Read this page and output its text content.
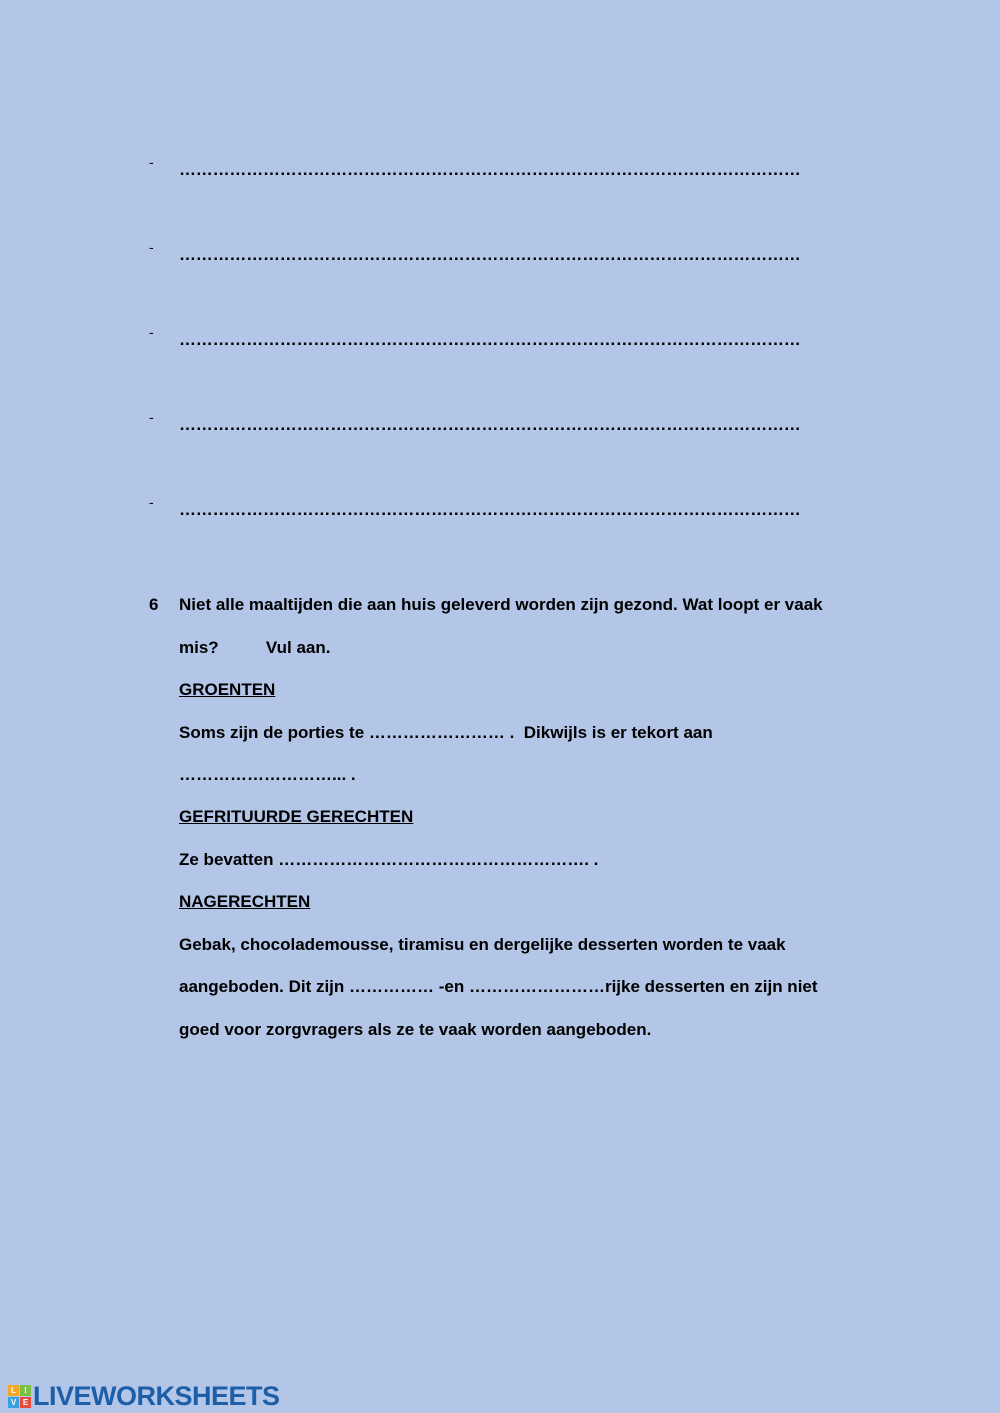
- …………………………………………………………………………………………………
- …………………………………………………………………………………………………
- …………………………………………………………………………………………………
- …………………………………………………………………………………………………
- …………………………………………………………………………………………………
6 Niet alle maaltijden die aan huis geleverd worden zijn gezond. Wat loopt er vaak
mis?          Vul aan.
GROENTEN
Soms zijn de porties te …………………… .  Dikwijls is er tekort aan
………………………... .
GEFRITUURDE GERECHTEN
Ze bevatten ………………………………………………. .
NAGERECHTEN
Gebak, chocolademousse, tiramisu en dergelijke desserten worden te vaak
aangeboden. Dit zijn …………… -en ……………………rijke desserten en zijn niet
goed voor zorgvragers als ze te vaak worden aangeboden.
L	I
V E LIVEWORKSHEETS
